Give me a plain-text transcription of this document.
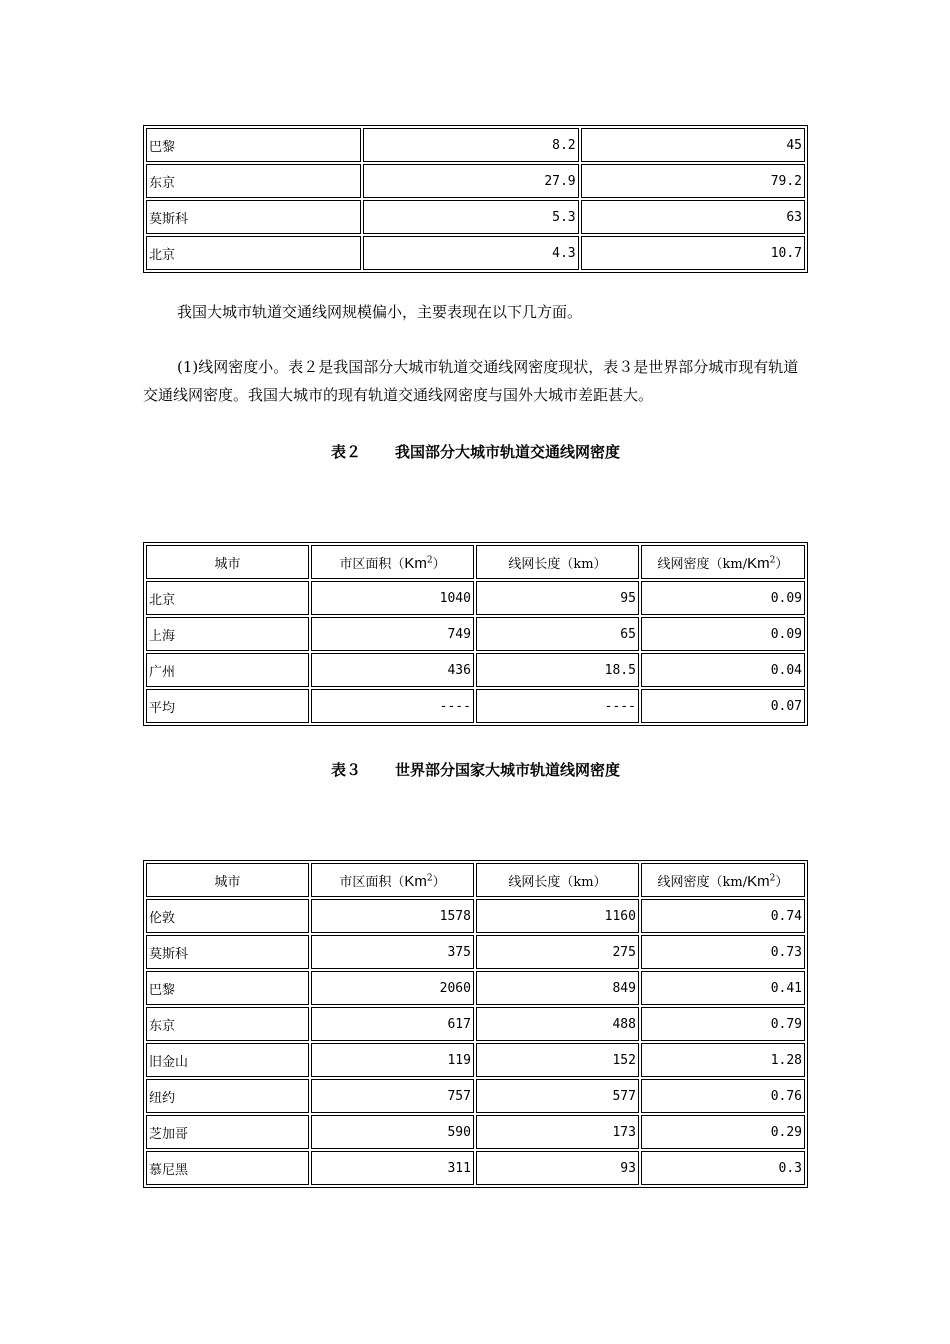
巴黎	8.2	45
东京	27.9	79.2
莫斯科	5.3	63
北京	4.3	10.7
我国大城市轨道交通线网规模偏小，主要表现在以下几方面。
(1)线网密度小。表２是我国部分大城市轨道交通线网密度现状，表３是世界部分城市现有轨道交通线网密度。我国大城市的现有轨道交通线网密度与国外大城市差距甚大。
表２ 我国部分大城市轨道交通线网密度
城市	市区面积（Km$^2$）	线网长度（km）	线网密度（km/Km$^2$）
北京	1040	95	0.09
上海	749	65	0.09
广州	436	18.5	0.04
平均	----	----	0.07
表３ 世界部分国家大城市轨道线网密度
城市	市区面积（Km$^2$）	线网长度（km）	线网密度（km/Km$^2$）
伦敦	1578	1160	0.74
莫斯科	375	275	0.73
巴黎	2060	849	0.41
东京	617	488	0.79
旧金山	119	152	1.28
纽约	757	577	0.76
芝加哥	590	173	0.29
慕尼黑	311	93	0.3
